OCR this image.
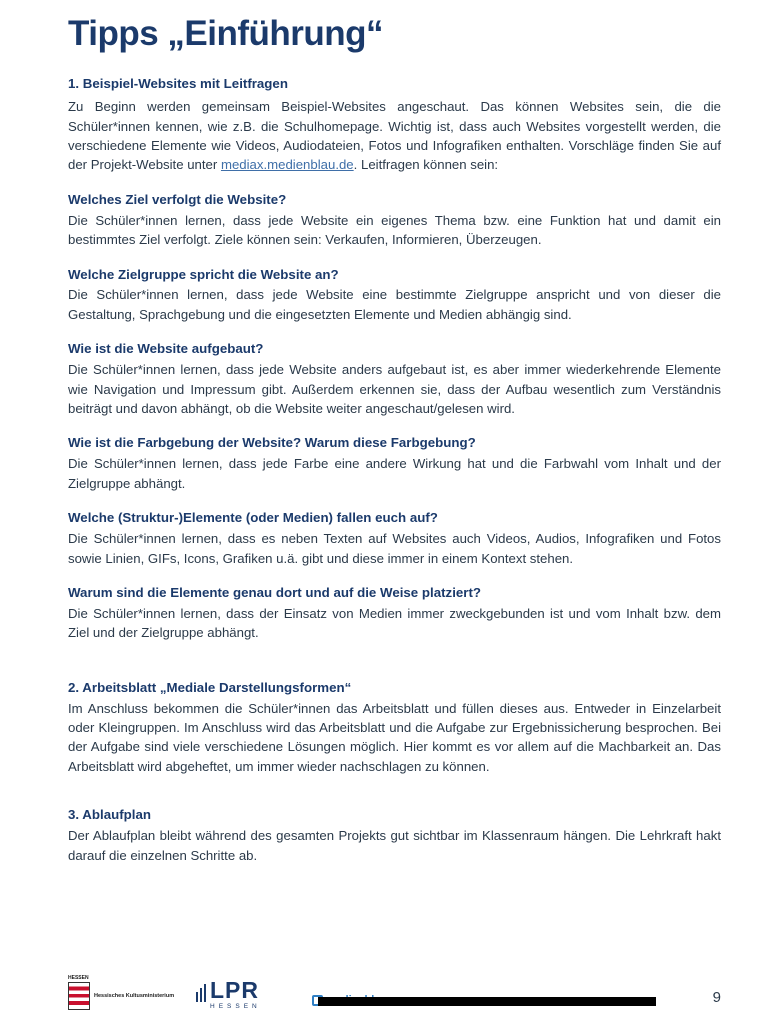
Tipps „Einführung“
1. Beispiel-Websites mit Leitfragen

Zu Beginn werden gemeinsam Beispiel-Websites angeschaut. Das können Websites sein, die die Schüler*innen kennen, wie z.B. die Schulhomepage. Wichtig ist, dass auch Websites vorgestellt werden, die verschiedene Elemente wie Videos, Audiodateien, Fotos und Infografiken enthalten. Vorschläge finden Sie auf der Projekt-Website unter mediax.medienblau.de. Leitfragen können sein:

Welches Ziel verfolgt die Website?

Die Schüler*innen lernen, dass jede Website ein eigenes Thema bzw. eine Funktion hat und damit ein bestimmtes Ziel verfolgt. Ziele können sein: Verkaufen, Informieren, Überzeugen.

Welche Zielgruppe spricht die Website an?

Die Schüler*innen lernen, dass jede Website eine bestimmte Zielgruppe anspricht und von dieser die Gestaltung, Sprachgebung und die eingesetzten Elemente und Medien abhängig sind.

Wie ist die Website aufgebaut?

Die Schüler*innen lernen, dass jede Website anders aufgebaut ist, es aber immer wiederkehrende Elemente wie Navigation und Impressum gibt. Außerdem erkennen sie, dass der Aufbau wesentlich zum Verständnis beiträgt und davon abhängt, ob die Website weiter angeschaut/gelesen wird.

Wie ist die Farbgebung der Website? Warum diese Farbgebung?

Die Schüler*innen lernen, dass jede Farbe eine andere Wirkung hat und die Farbwahl vom Inhalt und der Zielgruppe abhängt.

Welche (Struktur-)Elemente (oder Medien) fallen euch auf?

Die Schüler*innen lernen, dass es neben Texten auf Websites auch Videos, Audios, Infografiken und Fotos sowie Linien, GIFs, Icons, Grafiken u.ä. gibt und diese immer in einem Kontext stehen.

Warum sind die Elemente genau dort und auf die Weise platziert?

Die Schüler*innen lernen, dass der Einsatz von Medien immer zweckgebunden ist und vom Inhalt bzw. dem Ziel und der Zielgruppe abhängt.

2. Arbeitsblatt „Mediale Darstellungsformen“

Im Anschluss bekommen die Schüler*innen das Arbeitsblatt und füllen dieses aus. Entweder in Einzelarbeit oder Kleingruppen. Im Anschluss wird das Arbeitsblatt und die Aufgabe zur Ergebnissicherung besprochen. Bei der Aufgabe sind viele verschiedene Lösungen möglich. Hier kommt es vor allem auf die Machbarkeit an. Das Arbeitsblatt wird abgeheftet, um immer wieder nachschlagen zu können.

3. Ablaufplan

Der Ablaufplan bleibt während des gesamten Projekts gut sichtbar im Klassenraum hängen. Die Lehrkraft hakt darauf die einzelnen Schritte ab.

HESSEN
Hessisches Kultusministerium LPR
HESSEN
9
